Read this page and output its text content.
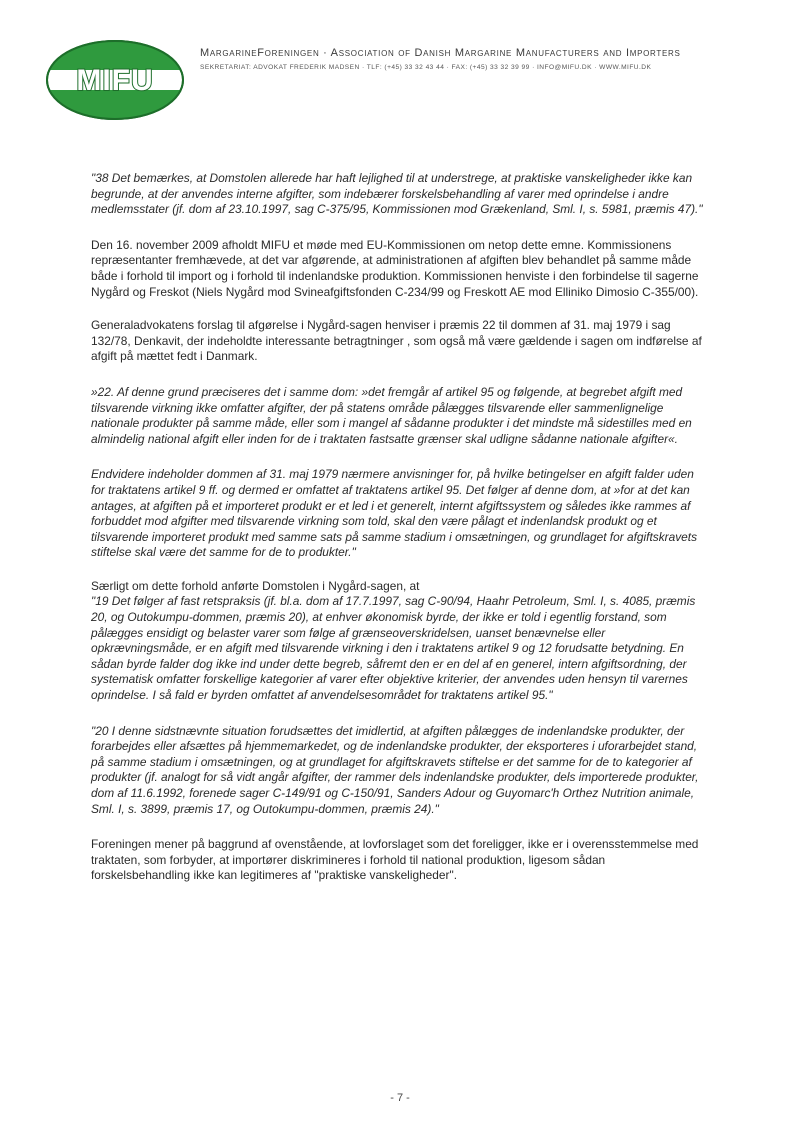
MIFU
MargarineForeningen · Association of Danish Margarine Manufacturers and Importers
SEKRETARIAT: ADVOKAT FREDERIK MADSEN · TLF: (+45) 33 32 43 44 · FAX: (+45) 33 32 39 99 · INFO@MIFU.DK · WWW.MIFU.DK

"38 Det bemærkes, at Domstolen allerede har haft lejlighed til at understrege, at praktiske vanskeligheder ikke kan begrunde, at der anvendes interne afgifter, som indebærer forskelsbehandling af varer med oprindelse i andre medlemsstater (jf. dom af 23.10.1997, sag C-375/95, Kommissionen mod Grækenland, Sml. I, s. 5981, præmis 47)."

Den 16. november 2009 afholdt MIFU et møde med EU-Kommissionen om netop dette emne. Kommissionens repræsentanter fremhævede, at det var afgørende, at administrationen af afgiften blev behandlet på samme måde både i forhold til import og i forhold til indenlandske produktion. Kommissionen henviste i den forbindelse til sagerne Nygård og Freskot (Niels Nygård mod Svineafgiftsfonden C-234/99 og Freskott AE mod Elliniko Dimosio C-355/00).

Generaladvokatens forslag til afgørelse i Nygård-sagen henviser i præmis 22 til dommen af 31. maj 1979 i sag 132/78, Denkavit, der indeholdte interessante betragtninger , som også må være gældende i sagen om indførelse af afgift på mættet fedt i Danmark.

»22. Af denne grund præciseres det i samme dom: »det fremgår af artikel 95 og følgende, at begrebet afgift med tilsvarende virkning ikke omfatter afgifter, der på statens område pålægges tilsvarende eller sammenlignelige nationale produkter på samme måde, eller som i mangel af sådanne produkter i det mindste må sidestilles med en almindelig national afgift eller inden for de i traktaten fastsatte grænser skal udligne sådanne nationale afgifter«.

Endvidere indeholder dommen af 31. maj 1979 nærmere anvisninger for, på hvilke betingelser en afgift falder uden for traktatens artikel 9 ff. og dermed er omfattet af traktatens artikel 95. Det følger af denne dom, at »for at det kan antages, at afgiften på et importeret produkt er et led i et generelt, internt afgiftssystem og således ikke rammes af forbuddet mod afgifter med tilsvarende virkning som told, skal den være pålagt et indenlandsk produkt og et tilsvarende importeret produkt med samme sats på samme stadium i omsætningen, og grundlaget for afgiftskravets stiftelse skal være det samme for de to produkter."

Særligt om dette forhold anførte Domstolen i Nygård-sagen, at

"19 Det følger af fast retspraksis (jf. bl.a. dom af 17.7.1997, sag C-90/94, Haahr Petroleum, Sml. I, s. 4085, præmis 20, og Outokumpu-dommen, præmis 20), at enhver økonomisk byrde, der ikke er told i egentlig forstand, som pålægges ensidigt og belaster varer som følge af grænseoverskridelsen, uanset benævnelse eller opkrævningsmåde, er en afgift med tilsvarende virkning i den i traktatens artikel 9 og 12 forudsatte betydning. En sådan byrde falder dog ikke ind under dette begreb, såfremt den er en del af en generel, intern afgiftsordning, der systematisk omfatter forskellige kategorier af varer efter objektive kriterier, der anvendes uden hensyn til varernes oprindelse. I så fald er byrden omfattet af anvendelsesområdet for traktatens artikel 95."

"20 I denne sidstnævnte situation forudsættes det imidlertid, at afgiften pålægges de indenlandske produkter, der forarbejdes eller afsættes på hjemmemarkedet, og de indenlandske produkter, der eksporteres i uforarbejdet stand, på samme stadium i omsætningen, og at grundlaget for afgiftskravets stiftelse er det samme for de to kategorier af produkter (jf. analogt for så vidt angår afgifter, der rammer dels indenlandske produkter, dels importerede produkter, dom af 11.6.1992, forenede sager C-149/91 og C-150/91, Sanders Adour og Guyomarc'h Orthez Nutrition animale, Sml. I, s. 3899, præmis 17, og Outokumpu-dommen, præmis 24)."

Foreningen mener på baggrund af ovenstående, at lovforslaget som det foreligger, ikke er i overensstemmelse med traktaten, som forbyder, at importører diskrimineres i forhold til national produktion, ligesom sådan forskelsbehandling ikke kan legitimeres af "praktiske vanskeligheder".

- 7 -
